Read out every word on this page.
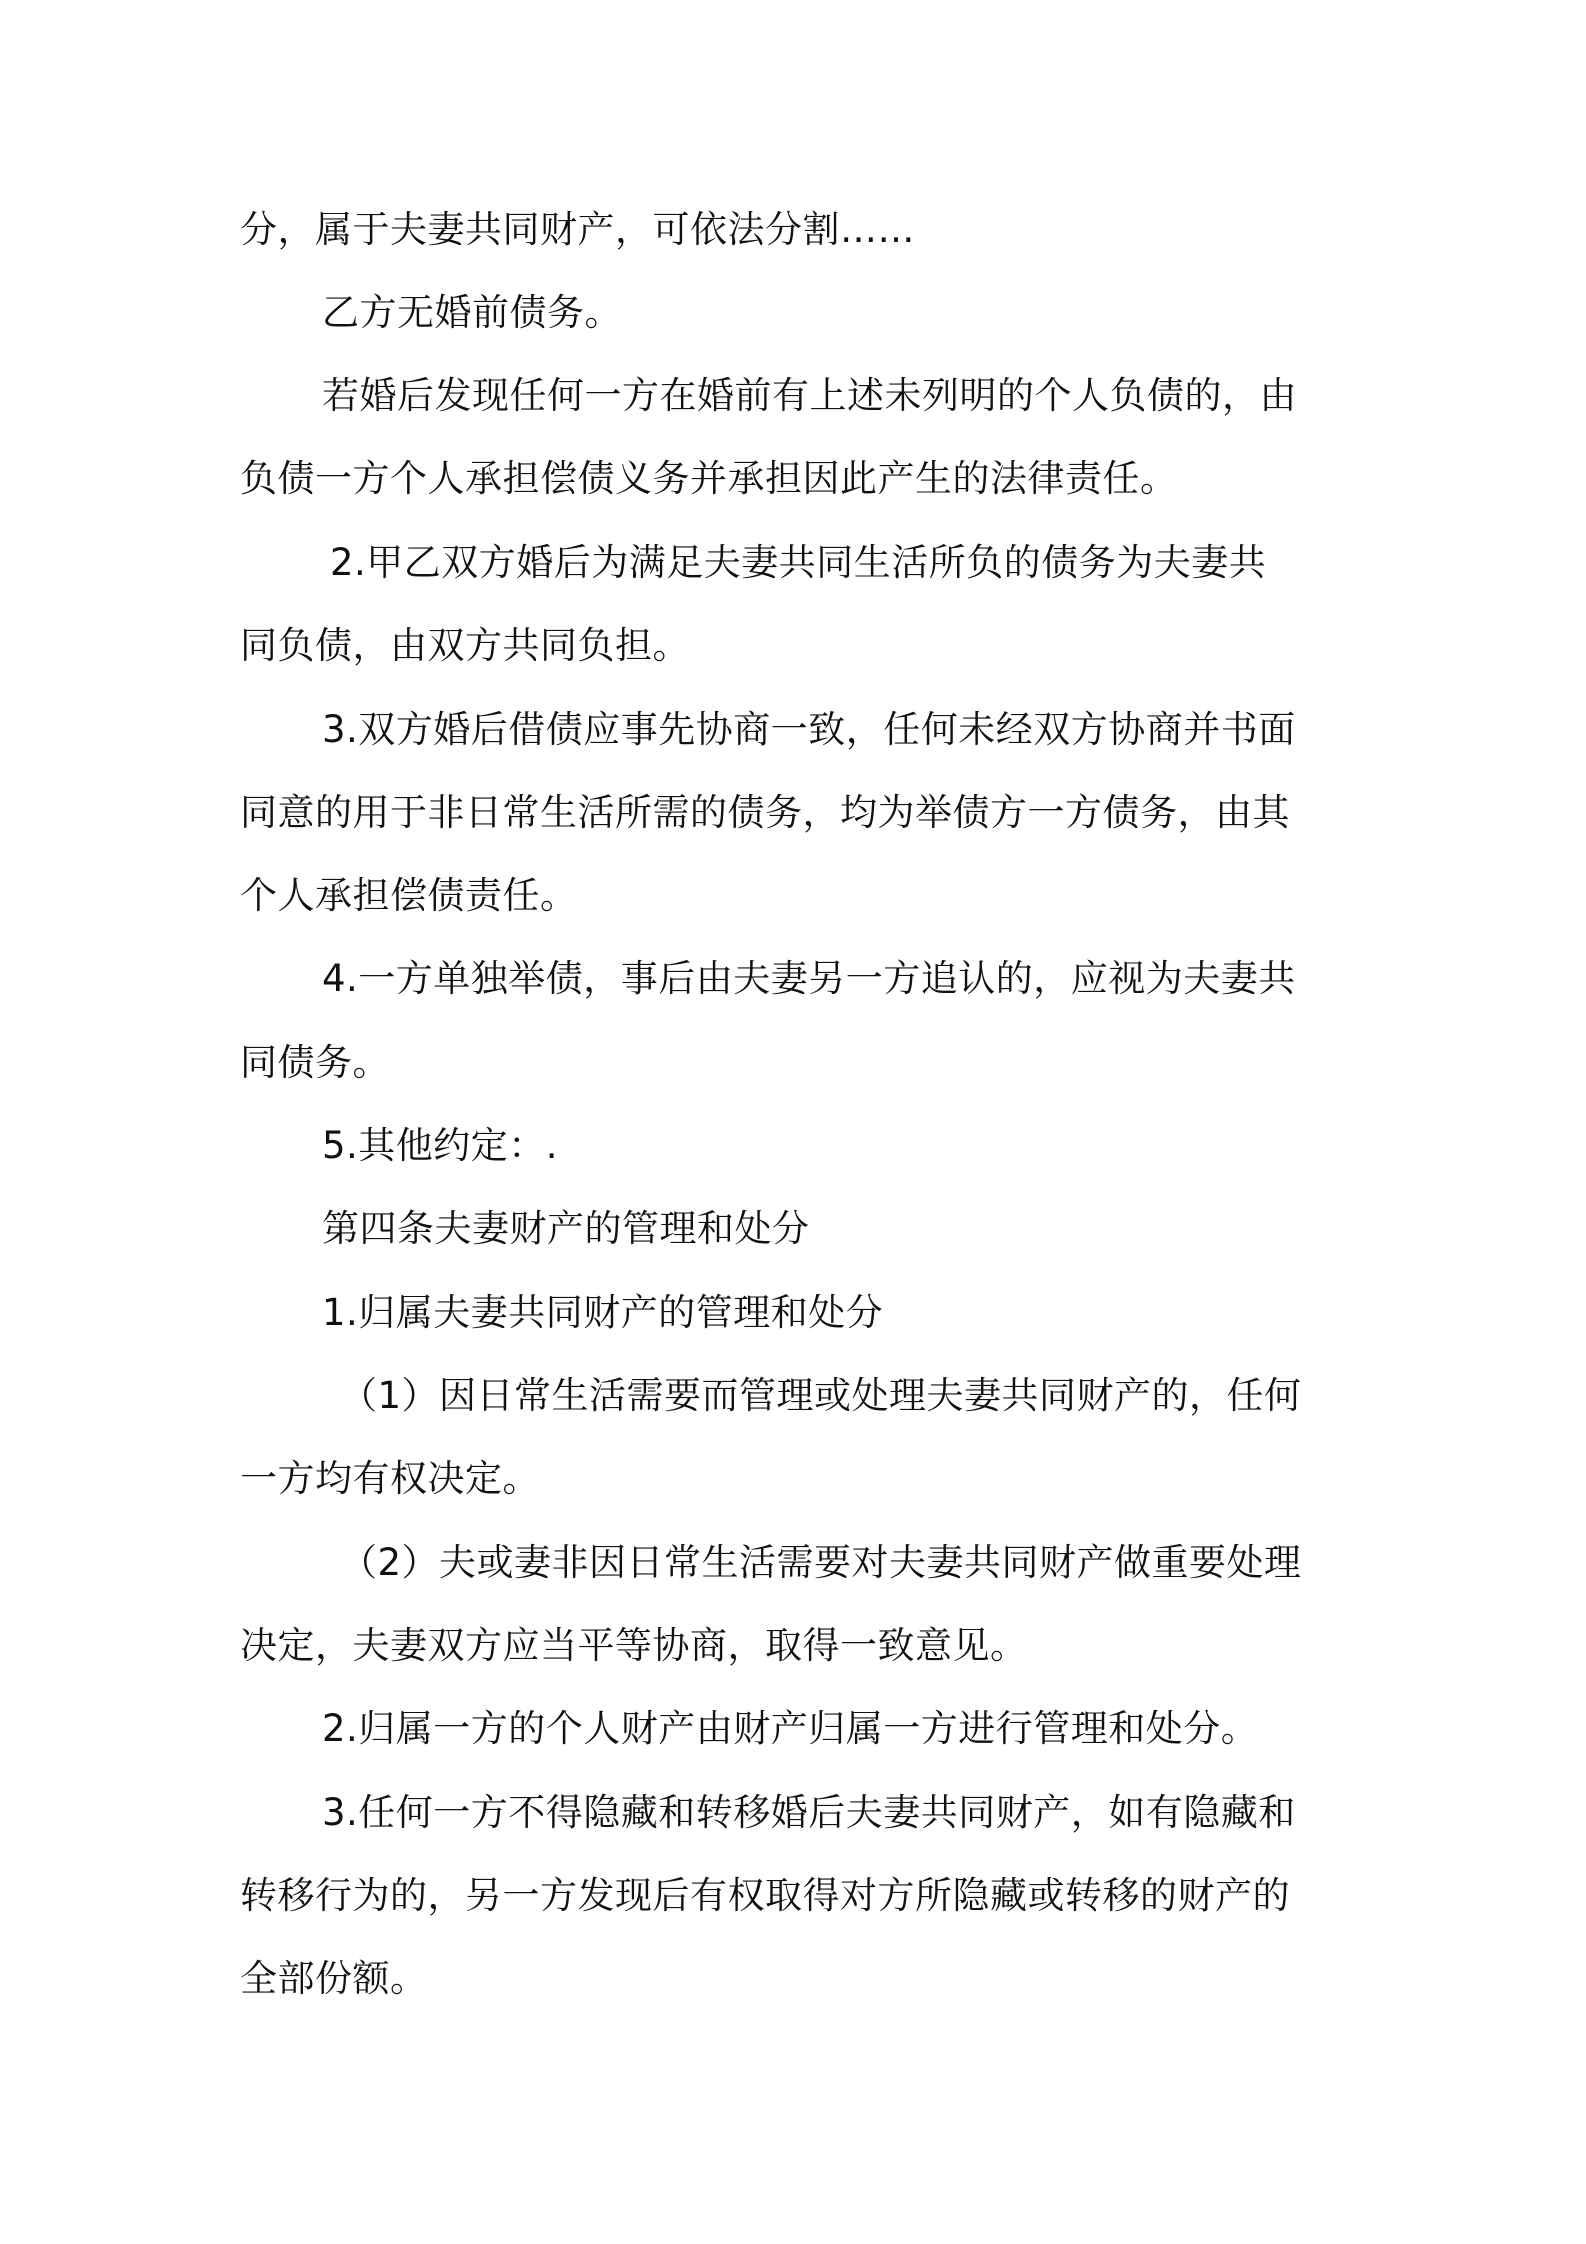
分，属于夫妻共同财产，可依法分割……
乙方无婚前债务。
若婚后发现任何一方在婚前有上述未列明的个人负债的，由
负债一方个人承担偿债义务并承担因此产生的法律责任。
2.甲乙双方婚后为满足夫妻共同生活所负的债务为夫妻共
同负债，由双方共同负担。
3.双方婚后借债应事先协商一致，任何未经双方协商并书面
同意的用于非日常生活所需的债务，均为举债方一方债务，由其
个人承担偿债责任。
4.一方单独举债，事后由夫妻另一方追认的，应视为夫妻共
同债务。
5.其他约定：.
第四条夫妻财产的管理和处分
1.归属夫妻共同财产的管理和处分
（1）因日常生活需要而管理或处理夫妻共同财产的，任何
一方均有权决定。
（2）夫或妻非因日常生活需要对夫妻共同财产做重要处理
决定，夫妻双方应当平等协商，取得一致意见。
2.归属一方的个人财产由财产归属一方进行管理和处分。
3.任何一方不得隐藏和转移婚后夫妻共同财产，如有隐藏和
转移行为的，另一方发现后有权取得对方所隐藏或转移的财产的
全部份额。
